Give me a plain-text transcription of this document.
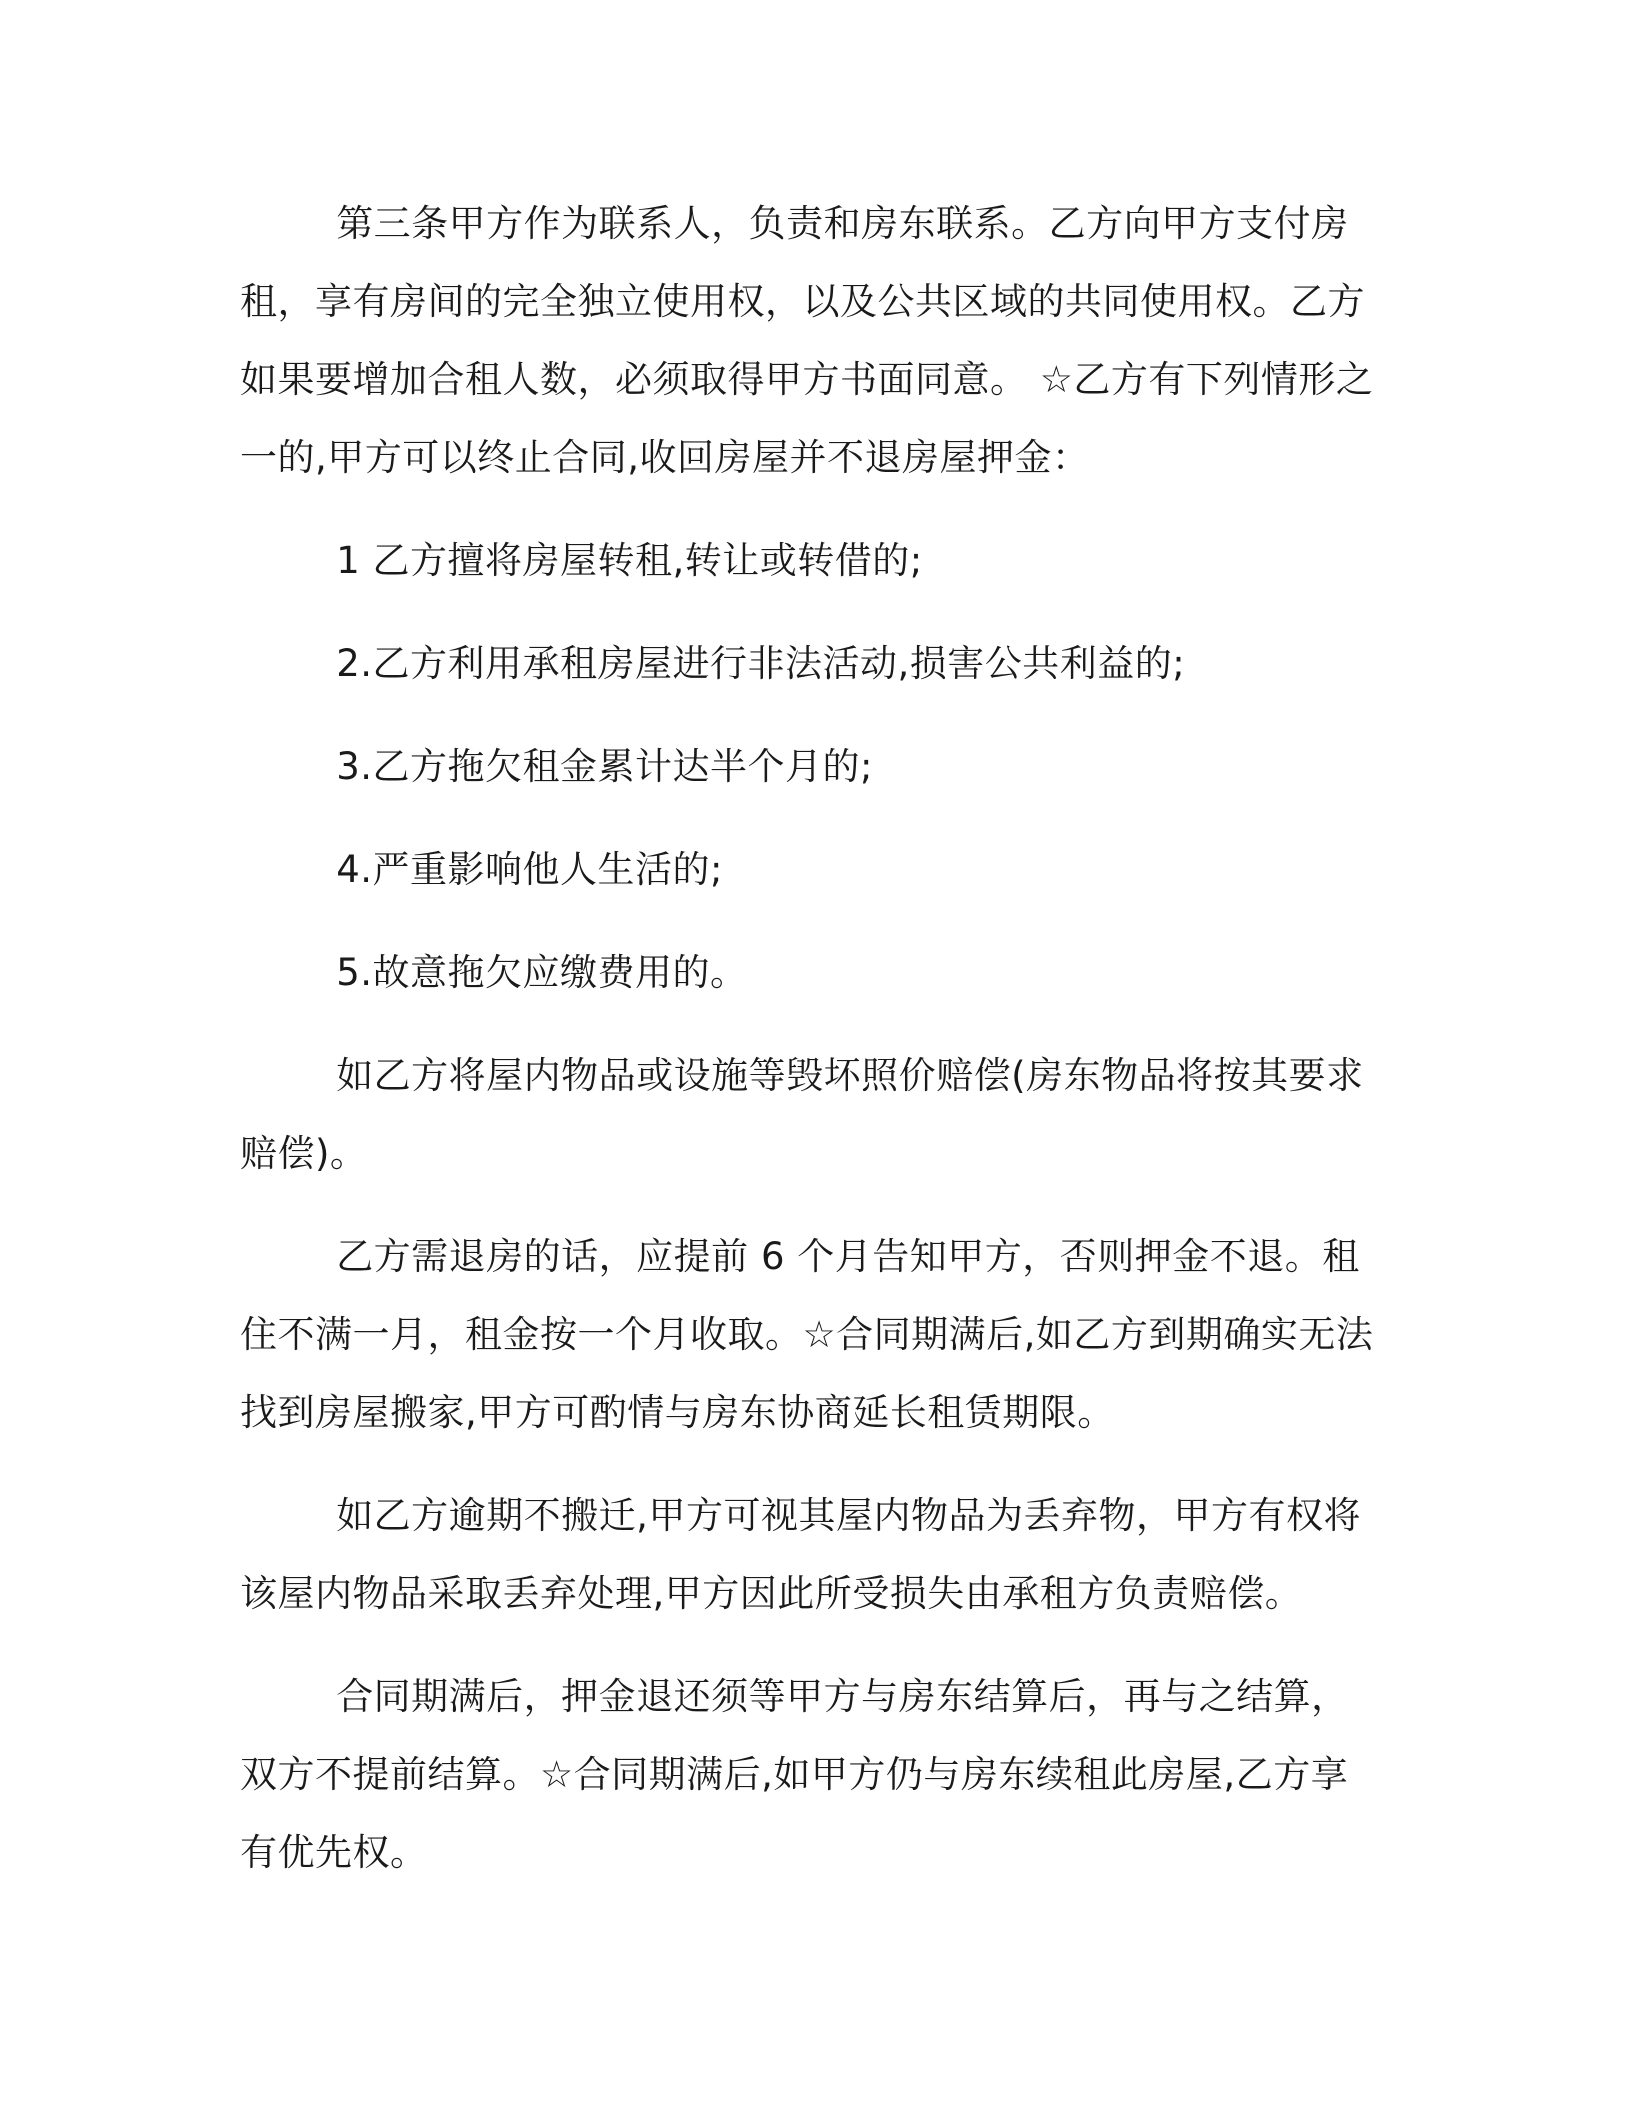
第三条甲方作为联系人，负责和房东联系。乙方向甲方支付房租，享有房间的完全独立使用权，以及公共区域的共同使用权。乙方如果要增加合租人数，必须取得甲方书面同意。 ☆乙方有下列情形之一的,甲方可以终止合同,收回房屋并不退房屋押金：

1 乙方擅将房屋转租,转让或转借的;

2.乙方利用承租房屋进行非法活动,损害公共利益的;

3.乙方拖欠租金累计达半个月的;

4.严重影响他人生活的;

5.故意拖欠应缴费用的。

如乙方将屋内物品或设施等毁坏照价赔偿(房东物品将按其要求赔偿)。

乙方需退房的话，应提前 6 个月告知甲方，否则押金不退。租住不满一月，租金按一个月收取。☆合同期满后,如乙方到期确实无法找到房屋搬家,甲方可酌情与房东协商延长租赁期限。

如乙方逾期不搬迁,甲方可视其屋内物品为丢弃物，甲方有权将该屋内物品采取丢弃处理,甲方因此所受损失由承租方负责赔偿。

合同期满后，押金退还须等甲方与房东结算后，再与之结算，双方不提前结算。☆合同期满后,如甲方仍与房东续租此房屋,乙方享有优先权。
